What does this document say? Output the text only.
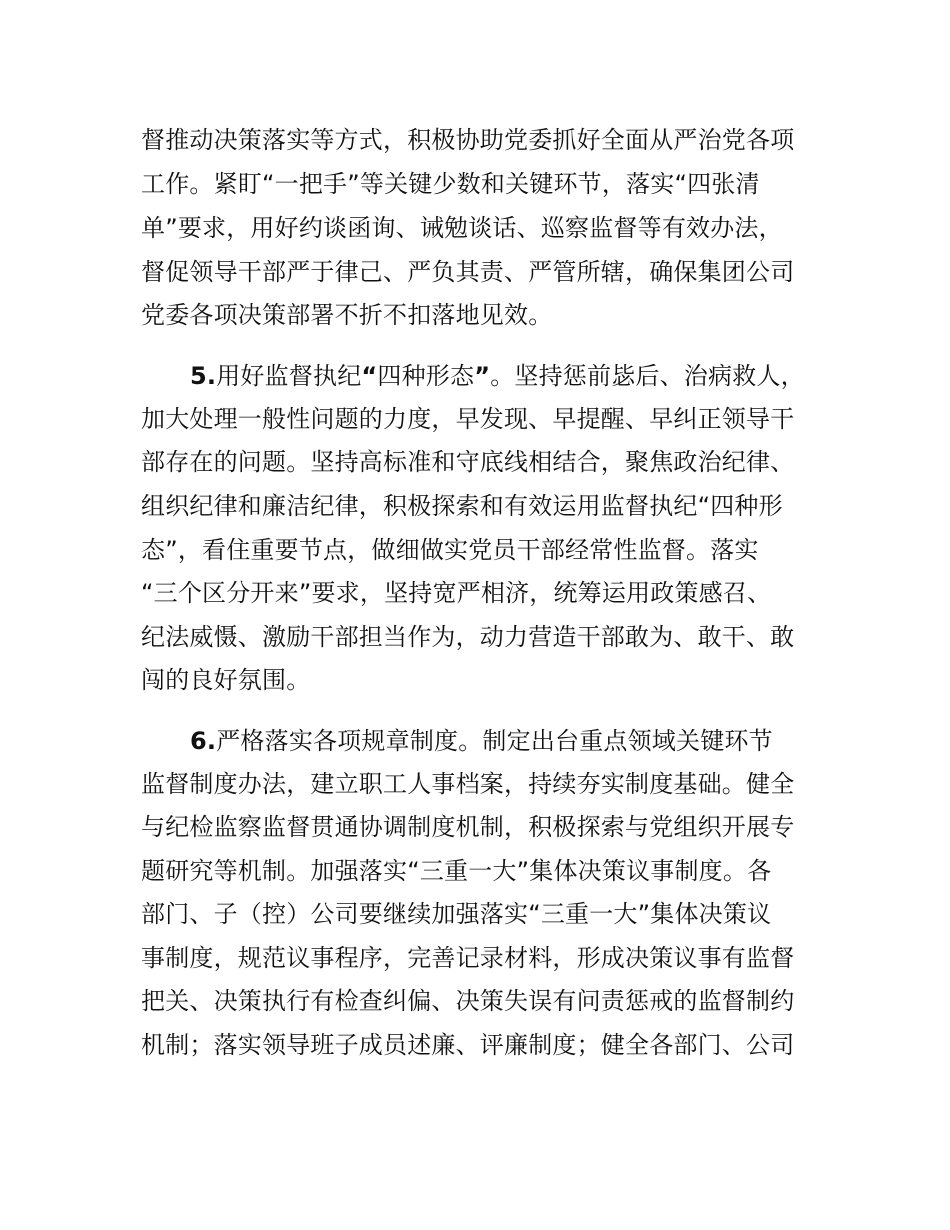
督推动决策落实等方式，积极协助党委抓好全面从严治党各项
工作。紧盯“一把手”等关键少数和关键环节，落实“四张清
单”要求，用好约谈函询、诫勉谈话、巡察监督等有效办法，
督促领导干部严于律己、严负其责、严管所辖，确保集团公司
党委各项决策部署不折不扣落地见效。
5.用好监督执纪“四种形态”。坚持惩前毖后、治病救人，
加大处理一般性问题的力度，早发现、早提醒、早纠正领导干
部存在的问题。坚持高标准和守底线相结合，聚焦政治纪律、
组织纪律和廉洁纪律，积极探索和有效运用监督执纪“四种形
态”，看住重要节点，做细做实党员干部经常性监督。落实
“三个区分开来”要求，坚持宽严相济，统筹运用政策感召、
纪法威慑、激励干部担当作为，动力营造干部敢为、敢干、敢
闯的良好氛围。
6.严格落实各项规章制度。制定出台重点领域关键环节
监督制度办法，建立职工人事档案，持续夯实制度基础。健全
与纪检监察监督贯通协调制度机制，积极探索与党组织开展专
题研究等机制。加强落实“三重一大”集体决策议事制度。各
部门、子（控）公司要继续加强落实“三重一大”集体决策议
事制度，规范议事程序，完善记录材料，形成决策议事有监督
把关、决策执行有检查纠偏、决策失误有问责惩戒的监督制约
机制；落实领导班子成员述廉、评廉制度；健全各部门、公司
